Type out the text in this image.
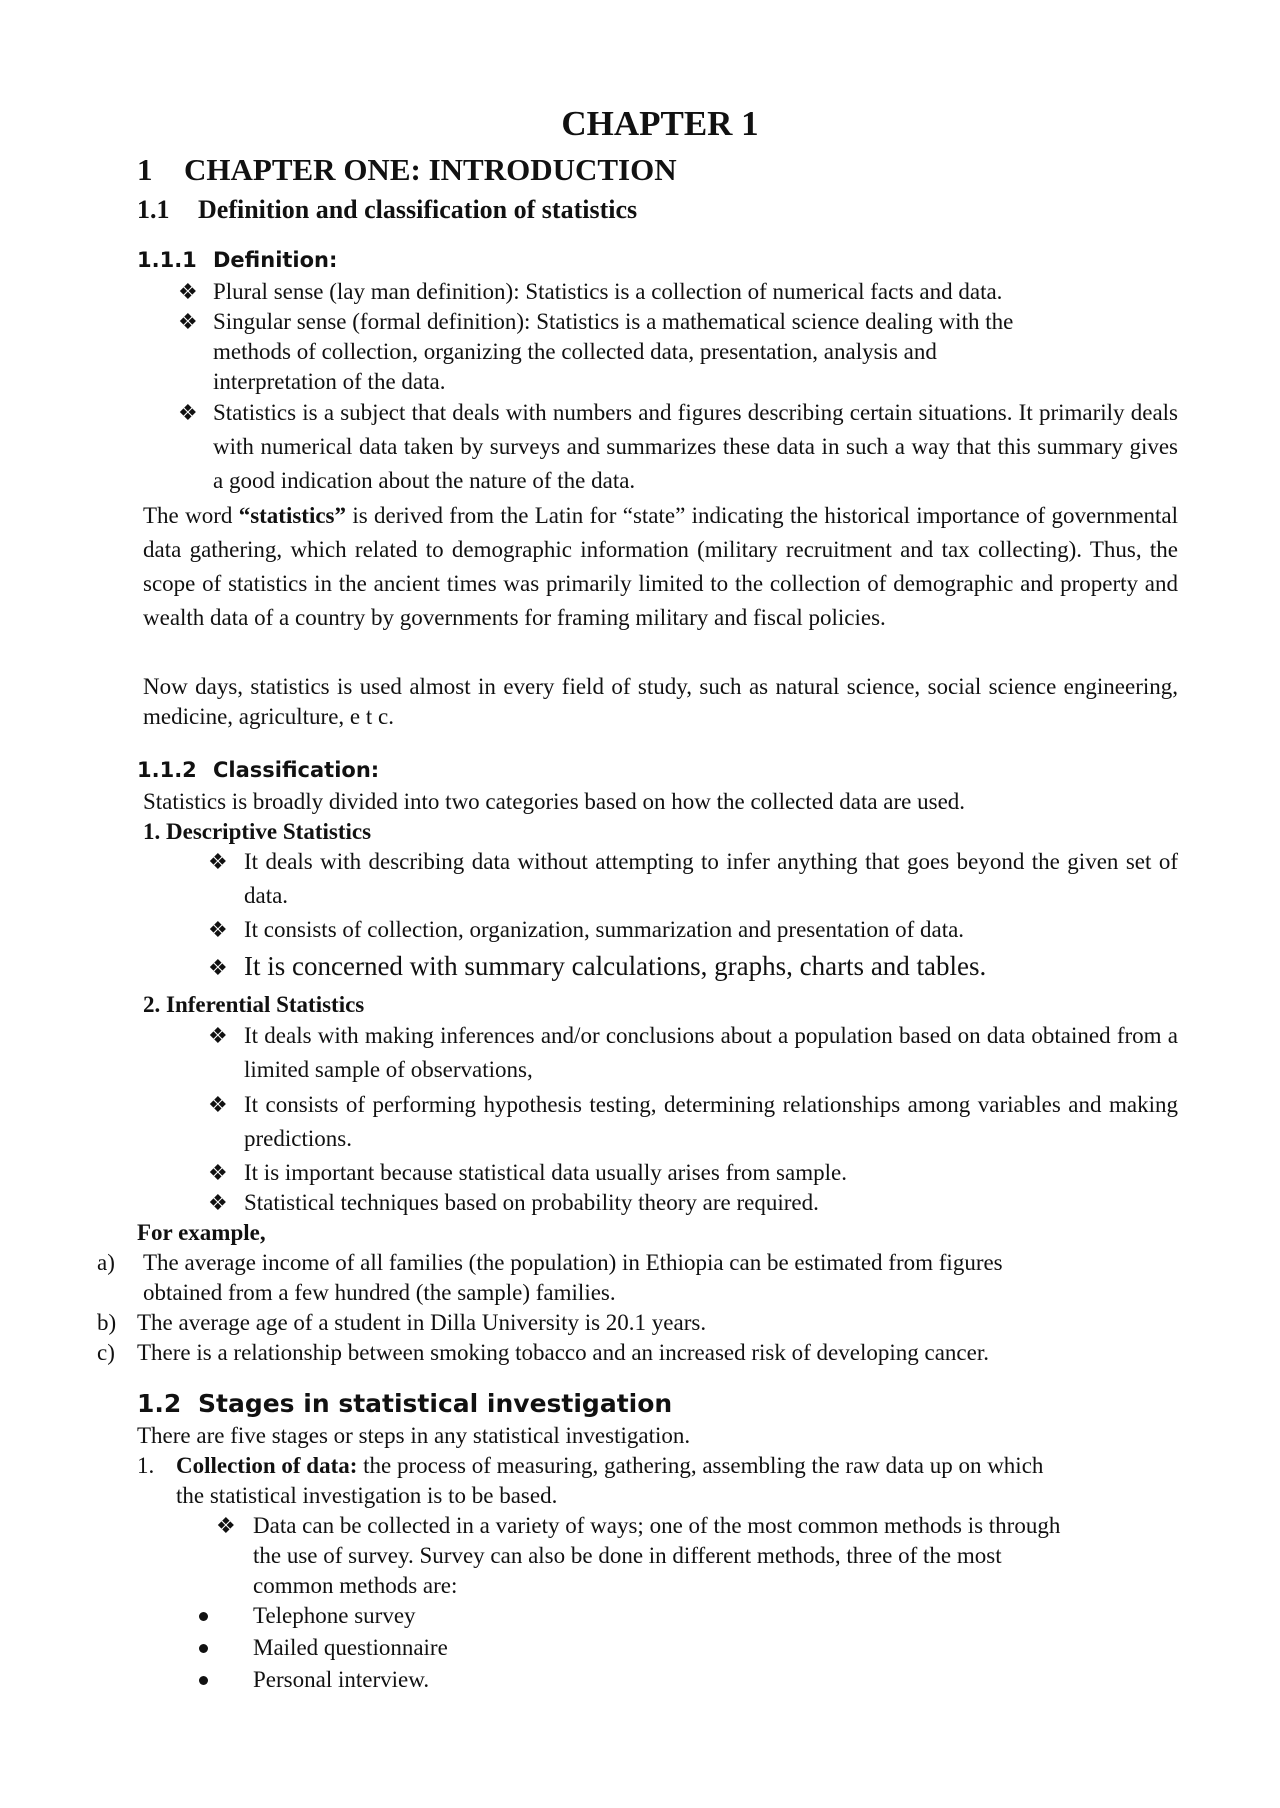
CHAPTER 1
1 CHAPTER ONE: INTRODUCTION
1.1 Definition and classification of statistics
1.1.1 Definition:
❖ Plural sense (lay man definition): Statistics is a collection of numerical facts and data.
❖ Singular sense (formal definition): Statistics is a mathematical science dealing with the
methods of collection, organizing the collected data, presentation, analysis and
interpretation of the data.
❖ Statistics is a subject that deals with numbers and figures describing certain situations. It primarily deals with numerical data taken by surveys and summarizes these data in such a way that this summary gives a good indication about the nature of the data.
The word “statistics” is derived from the Latin for “state” indicating the historical importance of governmental data gathering, which related to demographic information (military recruitment and tax collecting). Thus, the scope of statistics in the ancient times was primarily limited to the collection of demographic and property and wealth data of a country by governments for framing military and fiscal policies.
Now days, statistics is used almost in every field of study, such as natural science, social science engineering, medicine, agriculture, e t c.
1.1.2 Classification:
Statistics is broadly divided into two categories based on how the collected data are used.
1. Descriptive Statistics
❖ It deals with describing data without attempting to infer anything that goes beyond the given set of data.
❖ It consists of collection, organization, summarization and presentation of data.
❖ It is concerned with summary calculations, graphs, charts and tables.
2. Inferential Statistics
❖ It deals with making inferences and/or conclusions about a population based on data obtained from a limited sample of observations,
❖ It consists of performing hypothesis testing, determining relationships among variables and making predictions.
❖ It is important because statistical data usually arises from sample.
❖ Statistical techniques based on probability theory are required.
For example,
a) The average income of all families (the population) in Ethiopia can be estimated from figures
obtained from a few hundred (the sample) families.
b) The average age of a student in Dilla University is 20.1 years.
c) There is a relationship between smoking tobacco and an increased risk of developing cancer.
1.2 Stages in statistical investigation
There are five stages or steps in any statistical investigation.
1. Collection of data: the process of measuring, gathering, assembling the raw data up on which
the statistical investigation is to be based.
❖ Data can be collected in a variety of ways; one of the most common methods is through
the use of survey. Survey can also be done in different methods, three of the most
common methods are:
Telephone survey
Mailed questionnaire
Personal interview.
